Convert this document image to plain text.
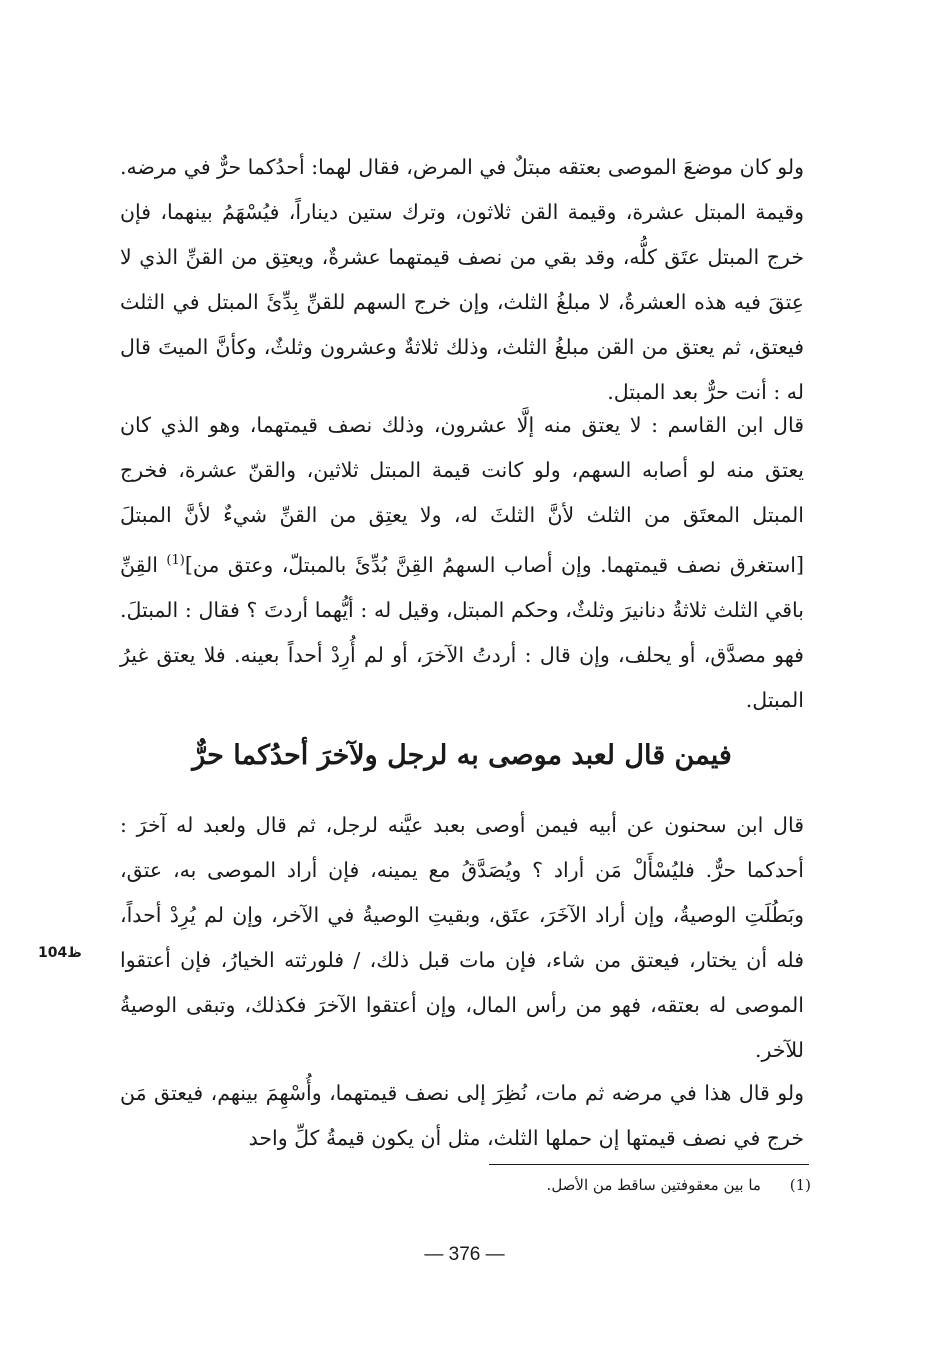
ولو كان موضعَ الموصى بعتقه مبتلٌ في المرض، فقال لهما: أحدُكما حرٌّ في مرضه. وقيمة المبتل عشرة، وقيمة القن ثلاثون، وترك ستين ديناراً، فيُسْهَمُ بينهما، فإن خرج المبتل عتَق كلُّه، وقد بقي من نصف قيمتهما عشرةٌ، ويعتِق من القنِّ الذي لا عِتقَ فيه هذه العشرةُ، لا مبلغُ الثلث، وإن خرج السهم للقنِّ بِدِّئَ المبتل في الثلث فيعتق، ثم يعتق من القن مبلغُ الثلث، وذلك ثلاثةٌ وعشرون وثلثٌ، وكأنَّ الميتَ قال له : أنت حرٌّ بعد المبتل.

قال ابن القاسم : لا يعتق منه إلَّا عشرون، وذلك نصف قيمتهما، وهو الذي كان يعتق منه لو أصابه السهم، ولو كانت قيمة المبتل ثلاثين، والقنّ عشرة، فخرج المبتل المعتَق من الثلث لأنَّ الثلثَ له، ولا يعتِق من القنِّ شيءٌ لأنَّ المبتلَ [استغرق نصف قيمتهما. وإن أصاب السهمُ القِنَّ بُدِّئَ بالمبتلّ، وعتق من]$^{(1)}$ القِنِّ باقي الثلث ثلاثةُ دنانيرَ وثلثٌ، وحكم المبتل، وقيل له : أيُّهما أردتَ ؟ فقال : المبتلَ. فهو مصدَّق، أو يحلف، وإن قال : أردتُ الآخرَ، أو لم أُرِدْ أحداً بعينه. فلا يعتق غيرُ المبتل.

فيمن قال لعبد موصى به لرجل ولآخرَ أحدُكما حرٌّ

قال ابن سحنون عن أبيه فيمن أوصى بعبد عيَّنه لرجل، ثم قال ولعبد له آخرَ : أحدكما حرٌّ. فليُسْأَلْ مَن أراد ؟ ويُصَدَّقُ مع يمينه، فإن أراد الموصى به، عتق، وبَطُلَتِ الوصيةُ، وإن أراد الآخَرَ، عتَق، وبقيتِ الوصيةُ في الآخر، وإن لم يُرِدْ أحداً، فله أن يختار، فيعتق من شاء، فإن مات قبل ذلك، / فلورثته الخيارُ، فإن أعتقوا الموصى له بعتقه، فهو من رأس المال، وإن أعتقوا الآخرَ فكذلك، وتبقى الوصيةُ للآخر.

ظ104

ولو قال هذا في مرضه ثم مات، نُظِرَ إلى نصف قيمتهما، وأُسْهِمَ بينهم، فيعتق مَن خرج في نصف قيمتها إن حملها الثلث، مثل أن يكون قيمةُ كلِّ واحد

(1) ما بين معقوفتين ساقط من الأصل.
— 376 —
